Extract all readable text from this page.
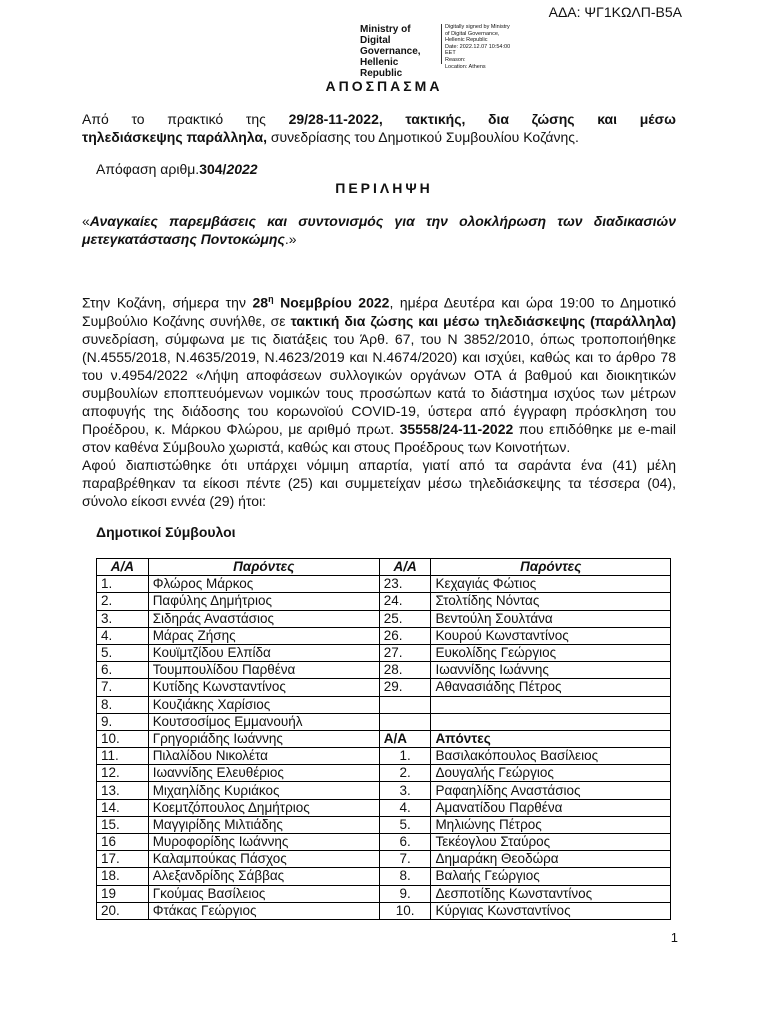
ΑΔΑ: ΨΓ1ΚΩΛΠ-Β5Α
Ministry of Digital
Governance,
Hellenic Republic
Digitally signed by Ministry
of Digital Governance,
Hellenic Republic
Date: 2022.12.07 10:54:00
EET
Reason:
Location: Athens
ΑΠΟΣΠΑΣΜΑ
Από το πρακτικό της 29/28-11-2022, τακτικής, δια ζώσης και μέσω
τηλεδιάσκεψης παράλληλα, συνεδρίασης του Δημοτικού Συμβουλίου Κοζάνης.
Απόφαση αριθμ.304/2022
ΠΕΡΙΛΗΨΗ
«Αναγκαίες παρεμβάσεις και συντονισμός για την ολοκλήρωση των διαδικασιών μετεγκατάστασης Ποντοκώμης.»
Στην Κοζάνη, σήμερα την $28^\eta$ Νοεμβρίου 2022, ημέρα Δευτέρα και ώρα 19:00 το Δημοτικό Συμβούλιο Κοζάνης συνήλθε, σε τακτική δια ζώσης και μέσω τηλεδιάσκεψης (παράλληλα) συνεδρίαση, σύμφωνα με τις διατάξεις του Άρθ. 67, του Ν 3852/2010, όπως τροποποιήθηκε (Ν.4555/2018, Ν.4635/2019, Ν.4623/2019 και Ν.4674/2020) και ισχύει, καθώς και το άρθρο 78 του ν.4954/2022 «Λήψη αποφάσεων συλλογικών οργάνων ΟΤΑ ά βαθμού και διοικητικών συμβουλίων εποπτευόμενων νομικών τους προσώπων κατά το διάστημα ισχύος των μέτρων αποφυγής της διάδοσης του κορωνοϊού COVID-19, ύστερα από έγγραφη πρόσκληση του Προέδρου, κ. Μάρκου Φλώρου, με αριθμό πρωτ. 35558/24-11-2022 που επιδόθηκε με e-mail στον καθένα Σύμβουλο χωριστά, καθώς και στους Προέδρους των Κοινοτήτων.
Αφού διαπιστώθηκε ότι υπάρχει νόμιμη απαρτία, γιατί από τα σαράντα ένα (41) μέλη παραβρέθηκαν τα είκοσι πέντε (25) και συμμετείχαν μέσω τηλεδιάσκεψης τα τέσσερα (04), σύνολο είκοσι εννέα (29) ήτοι:
Δημοτικοί Σύμβουλοι
Α/Α	Παρόντες	Α/Α	Παρόντες
1.	Φλώρος Μάρκος	23.	Κεχαγιάς Φώτιος
2.	Παφύλης Δημήτριος	24.	Στολτίδης Νόντας
3.	Σιδηράς Αναστάσιος	25.	Βεντούλη Σουλτάνα
4.	Μάρας Ζήσης	26.	Κουρού Κωνσταντίνος
5.	Κουϊμτζίδου Ελπίδα	27.	Ευκολίδης Γεώργιος
6.	Τουμπουλίδου Παρθένα	28.	Ιωαννίδης Ιωάννης
7.	Κυτίδης Κωνσταντίνος	29.	Αθανασιάδης Πέτρος
8.	Κουζιάκης Χαρίσιος		
9.	Κουτσοσίμος Εμμανουήλ		
10.	Γρηγοριάδης Ιωάννης	Α/Α	Απόντες
11.	Πιλαλίδου Νικολέτα	1.	Βασιλακόπουλος Βασίλειος
12.	Ιωαννίδης Ελευθέριος	2.	Δουγαλής Γεώργιος
13.	Μιχαηλίδης Κυριάκος	3.	Ραφαηλίδης Αναστάσιος
14.	Κοεμτζόπουλος Δημήτριος	4.	Αμανατίδου Παρθένα
15.	Μαγγιρίδης Μιλτιάδης	5.	Μηλιώνης Πέτρος
16	Μυροφορίδης Ιωάννης	6.	Τεκέογλου Σταύρος
17.	Καλαμπούκας Πάσχος	7.	Δημαράκη Θεοδώρα
18.	Αλεξανδρίδης Σάββας	8.	Βαλαής Γεώργιος
19	Γκούμας Βασίλειος	9.	Δεσποτίδης Κωνσταντίνος
20.	Φτάκας Γεώργιος	10.	Κύργιας Κωνσταντίνος
1
